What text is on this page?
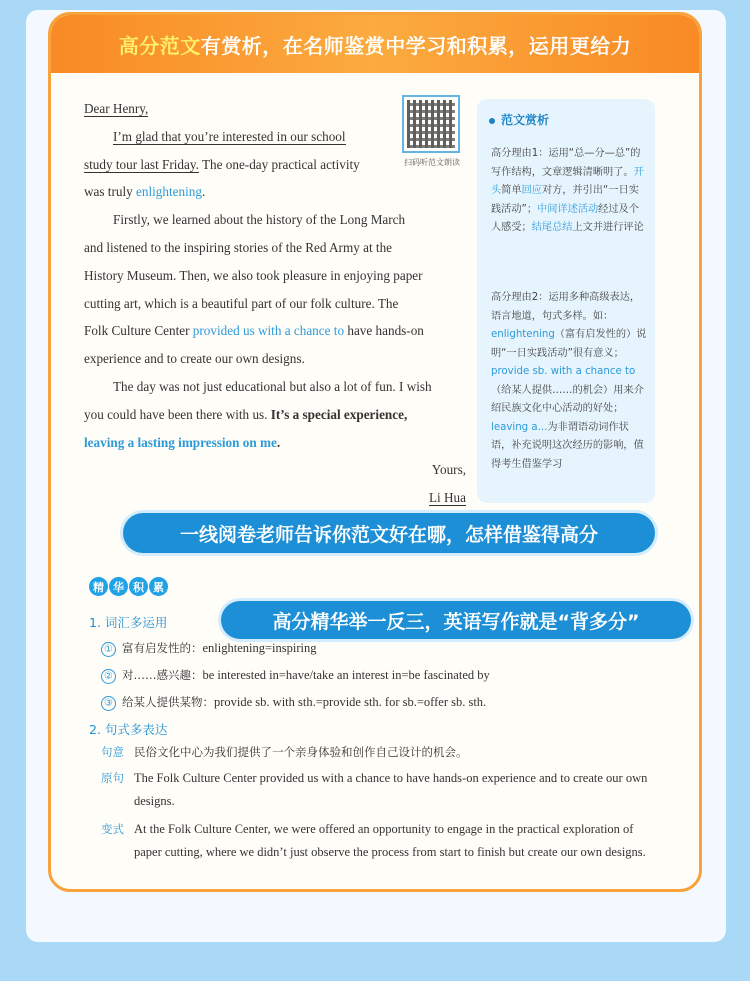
高分范文 有赏析，在名师鉴赏中学习和积累，运用更给力
扫码听范文朗读
Dear Henry,
I’m glad that you’re interested in our school
study tour last Friday. The one-day practical activity
was truly enlightening.
Firstly, we learned about the history of the Long March
and listened to the inspiring stories of the Red Army at the
History Museum. Then, we also took pleasure in enjoying paper
cutting art, which is a beautiful part of our folk culture. The
Folk Culture Center provided us with a chance to have hands-on
experience and to create our own designs.
The day was not just educational but also a lot of fun. I wish
you could have been there with us. It’s a special experience,
leaving a lasting impression on me.
Yours,
Li Hua
范文赏析
高分理由1：运用“总—分—总”的写作结构，文章逻辑清晰明了。开头简单回应对方，并引出“一日实践活动”；中间详述活动经过及个人感受；结尾总结上文并进行评论
高分理由2：运用多种高级表达，语言地道，句式多样。如：enlightening（富有启发性的）说明“一日实践活动”很有意义；provide sb. with a chance to（给某人提供……的机会）用来介绍民族文化中心活动的好处；leaving a...为非谓语动词作状语，补充说明这次经历的影响，值得考生借鉴学习
一线阅卷老师告诉你范文好在哪，怎样借鉴得高分
精 华 积 累
1. 词汇多运用	高分精华举一反三，英语写作就是“背多分”
① 富有启发性的：enlightening=inspiring
② 对……感兴趣：be interested in=have/take an interest in=be fascinated by
③ 给某人提供某物：provide sb. with sth.=provide sth. for sb.=offer sb. sth.
2. 句式多表达
句意 民俗文化中心为我们提供了一个亲身体验和创作自己设计的机会。
原句 The Folk Culture Center provided us with a chance to have hands-on experience and to create our own designs.
变式 At the Folk Culture Center, we were offered an opportunity to engage in the practical exploration of paper cutting, where we didn’t just observe the process from start to finish but create our own designs.
